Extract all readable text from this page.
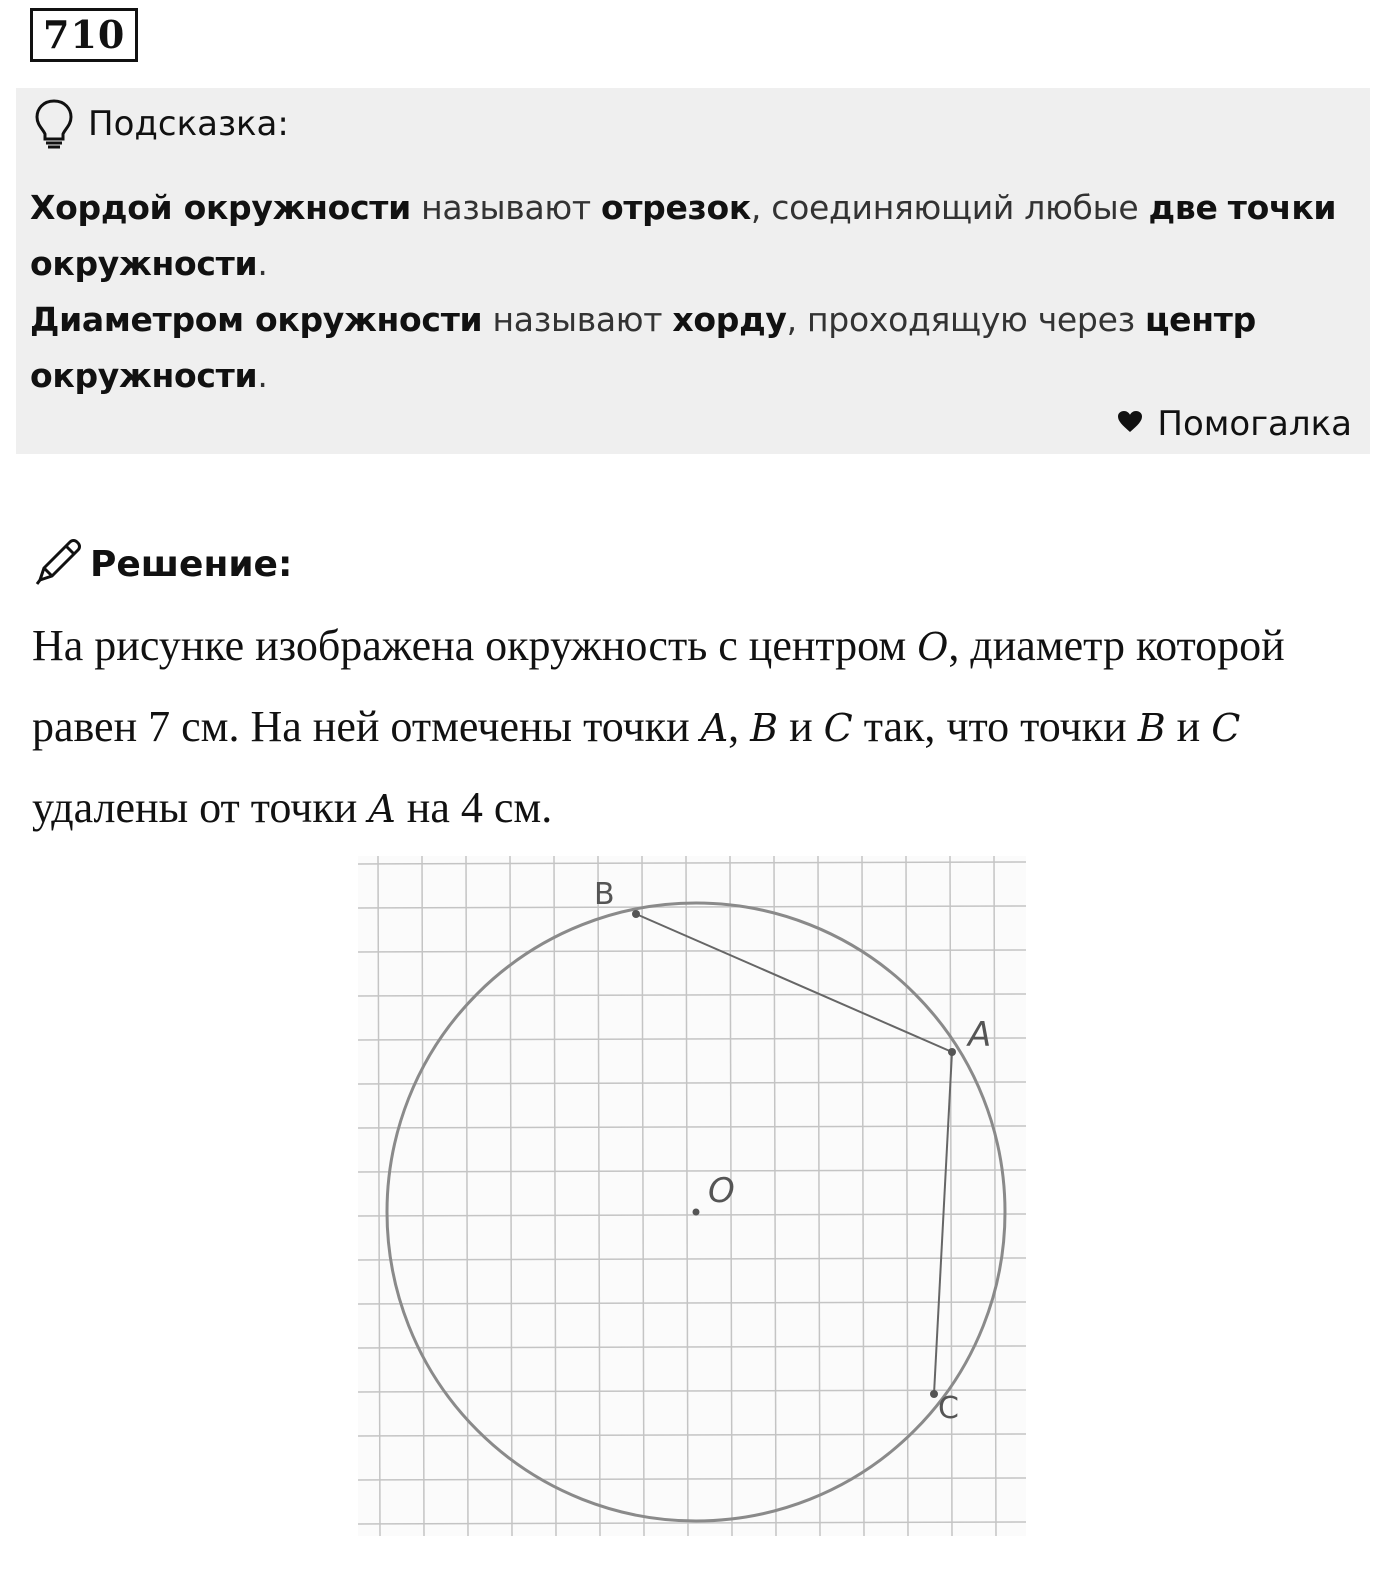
710
Подсказка:
Хордой окружности называют отрезок, соединяющий любые две точки окружности.
Диаметром окружности называют хорду, проходящую через центр окружности.
Помогалка
Решение:
На рисунке изображена окружность с центром O, диаметр которой равен 7 см. На ней отмечены точки A, B и C так, что точки B и C удалены от точки A на 4 см.
B
A
C
O
